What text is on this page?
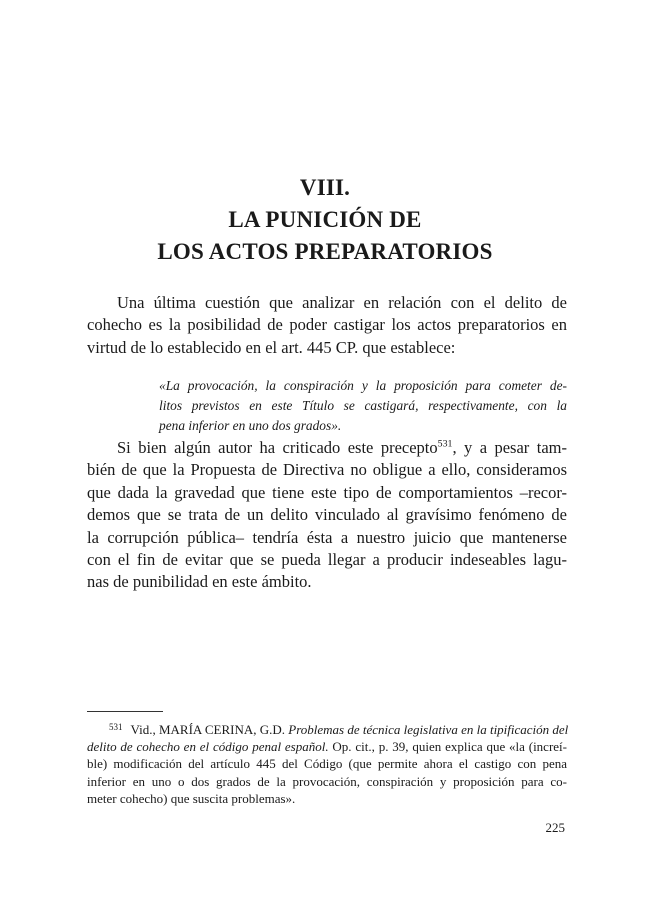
VIII.
LA PUNICIÓN DE
LOS ACTOS PREPARATORIOS
Una última cuestión que analizar en relación con el delito de
cohecho es la posibilidad de poder castigar los actos preparatorios en
virtud de lo establecido en el art. 445 CP. que establece:
«La provocación, la conspiración y la proposición para cometer de-
litos previstos en este Título se castigará, respectivamente, con la
pena inferior en uno dos grados».
Si bien algún autor ha criticado este precepto$^{531}$, y a pesar tam-
bién de que la Propuesta de Directiva no obligue a ello, consideramos
que dada la gravedad que tiene este tipo de comportamientos –recor-
demos que se trata de un delito vinculado al gravísimo fenómeno de
la corrupción pública– tendría ésta a nuestro juicio que mantenerse
con el fin de evitar que se pueda llegar a producir indeseables lagu-
nas de punibilidad en este ámbito.
$^{531}$ Vid., MARÍA CERINA, G.D. Problemas de técnica legislativa en la tipificación del
delito de cohecho en el código penal español. Op. cit., p. 39, quien explica que «la (increí-
ble) modificación del artículo 445 del Código (que permite ahora el castigo con pena
inferior en uno o dos grados de la provocación, conspiración y proposición para co-
meter cohecho) que suscita problemas».
225
